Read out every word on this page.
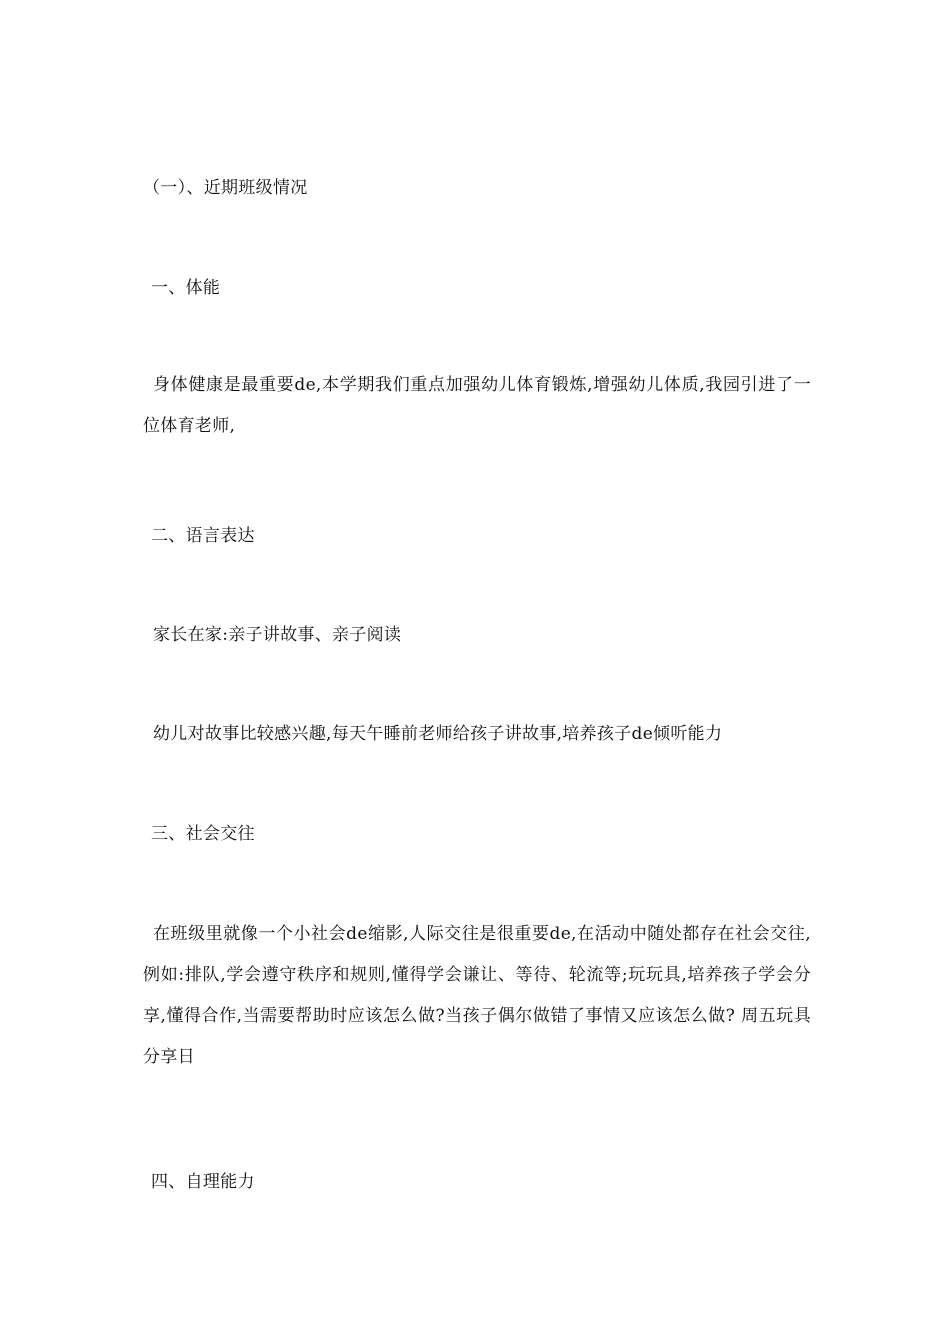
（一）、近期班级情况
一、体能
身体健康是最重要de,本学期我们重点加强幼儿体育锻炼,增强幼儿体质,我园引进了一位体育老师,
二、语言表达
家长在家:亲子讲故事、亲子阅读
幼儿对故事比较感兴趣,每天午睡前老师给孩子讲故事,培养孩子de倾听能力
三、社会交往
在班级里就像一个小社会de缩影,人际交往是很重要de,在活动中随处都存在社会交往,例如:排队,学会遵守秩序和规则,懂得学会谦让、等待、轮流等;玩玩具,培养孩子学会分享,懂得合作,当需要帮助时应该怎么做?当孩子偶尔做错了事情又应该怎么做? 周五玩具分享日
四、自理能力
